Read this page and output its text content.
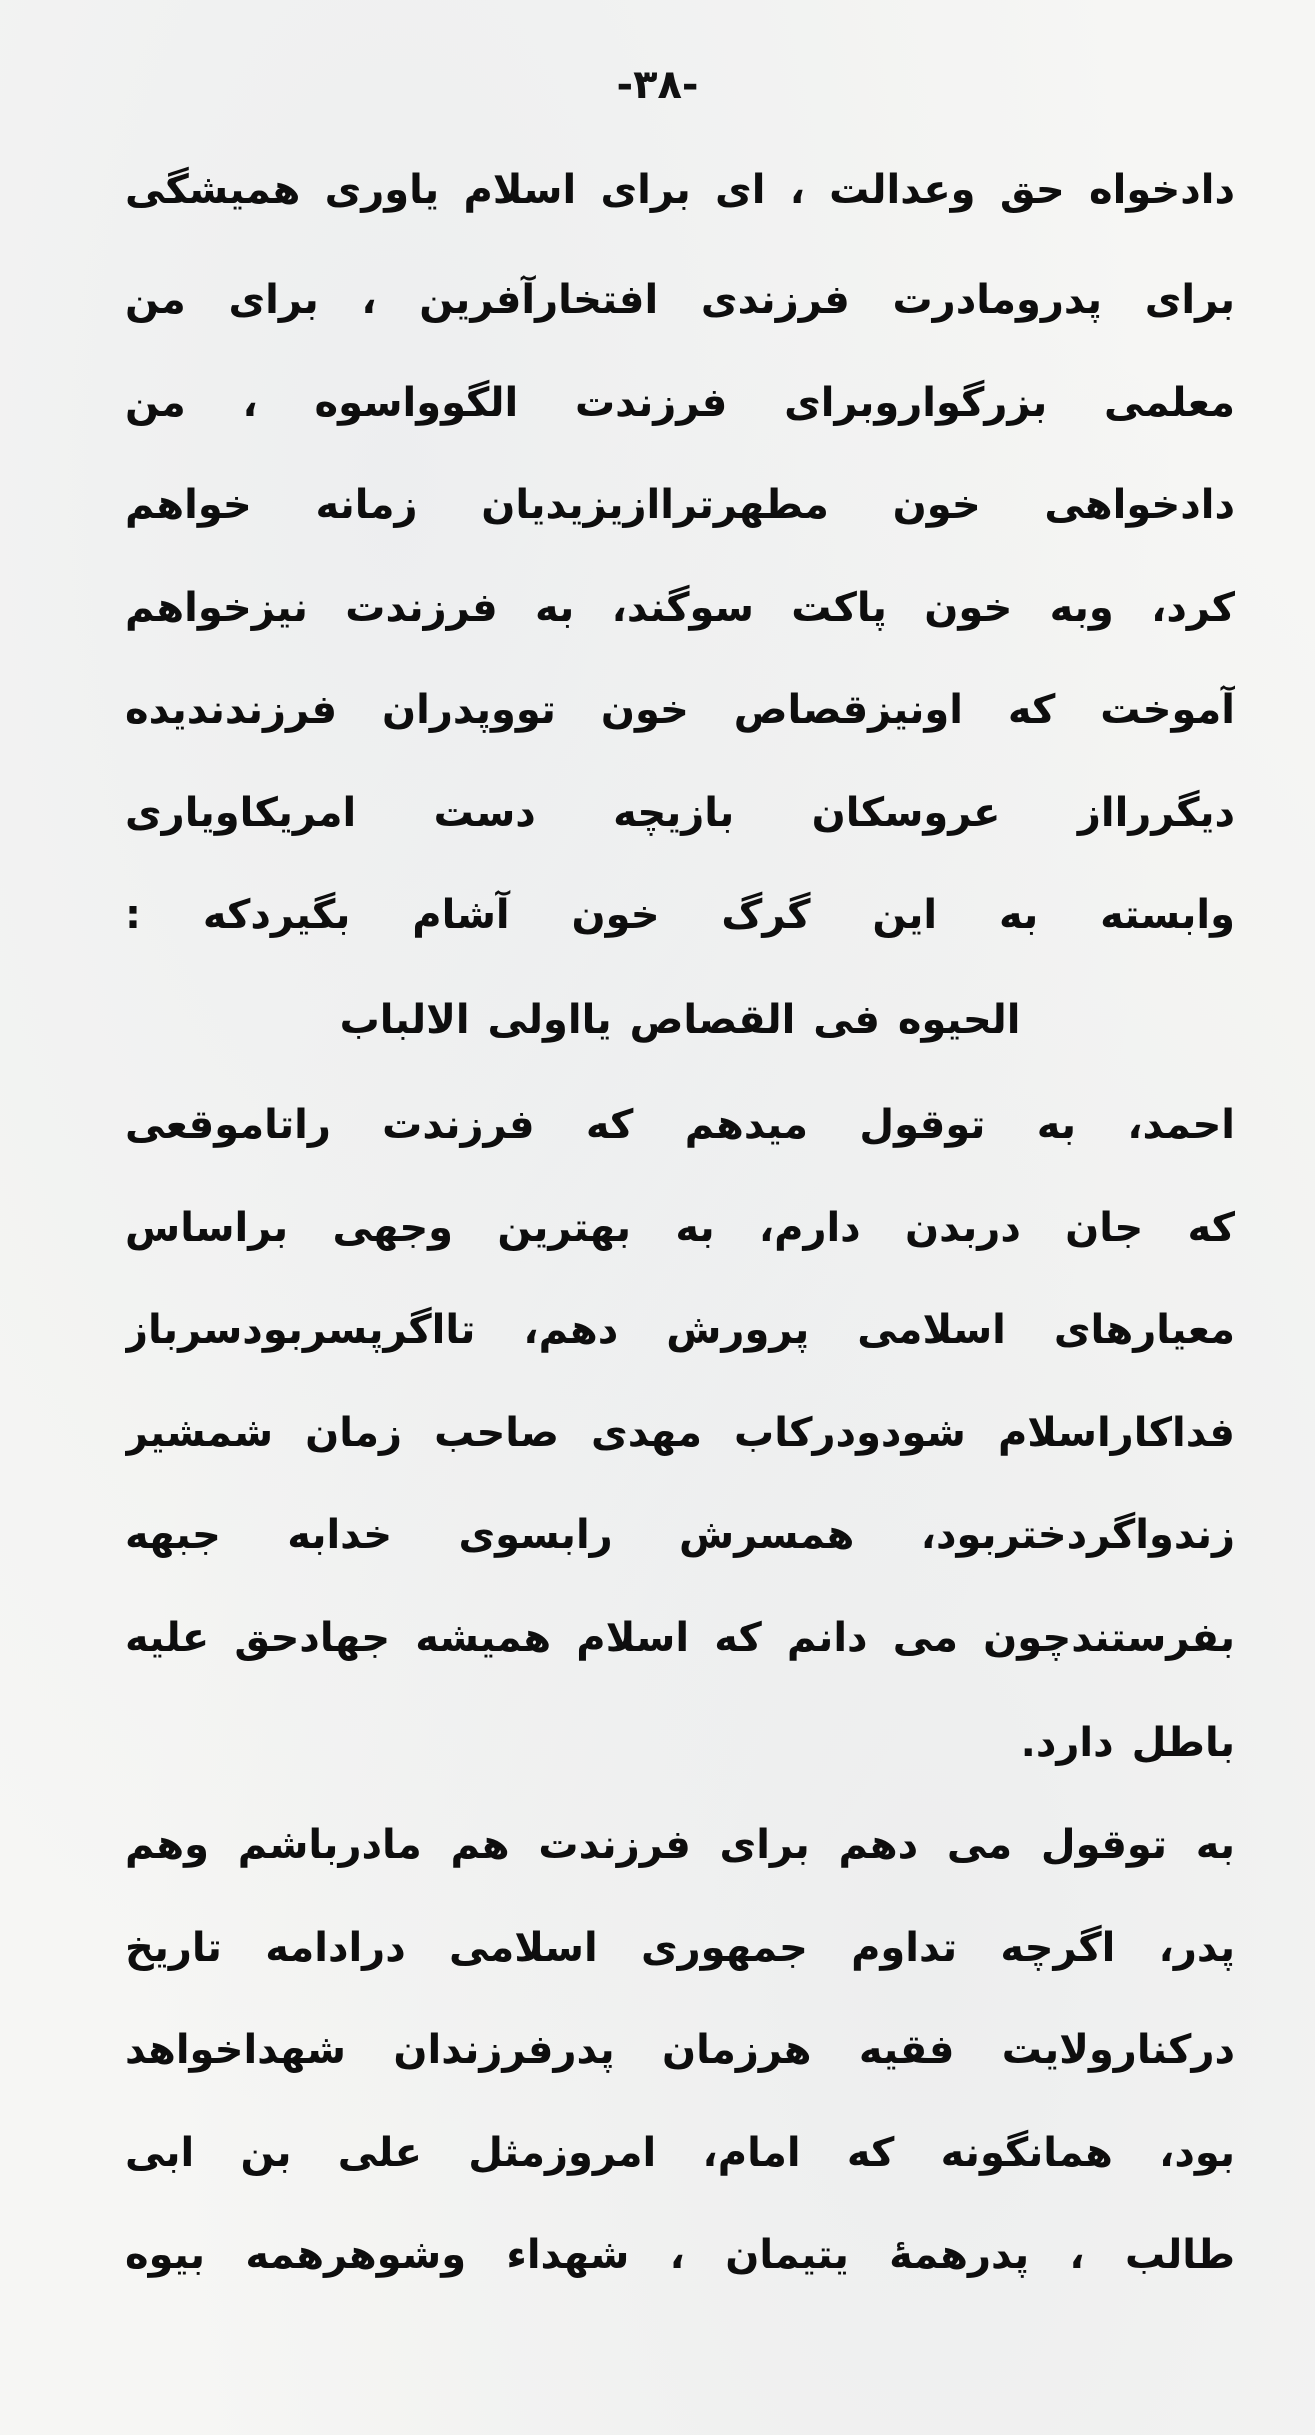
-٣٨-
دادخواه حق وعدالت ، ای برای اسلام یاوری همیشگی
برای پدرومادرت فرزندی افتخارآفرین ، برای من
معلمی بزرگواروبرای فرزندت الگوواسوه ، من
دادخواهی خون مطهرتراازیزیدیان زمانه خواهم
کرد، وبه خون پاکت سوگند، به فرزندت نیزخواهم
آموخت که اونیزقصاص خون تووپدران فرزندندیده
دیگررااز عروسکان بازیچه دست امریکاویاری
وابسته به این گرگ خون آشام بگیردکه :
الحیوه فی القصاص یااولی الالباب
احمد، به توقول میدهم که فرزندت راتاموقعی
که جان دربدن دارم، به بهترین وجهی براساس
معیارهای اسلامی پرورش دهم، تااگرپسربودسرباز
فداکاراسلام شودودرکاب مهدی صاحب زمان شمشیر
زندواگردختربود، همسرش رابسوی خدابه جبهه
بفرستندچون می دانم که اسلام همیشه جهادحق علیه
باطل دارد.
به توقول می دهم برای فرزندت هم مادرباشم وهم
پدر، اگرچه تداوم جمهوری اسلامی درادامه تاریخ
درکنارولایت فقیه هرزمان پدرفرزندان شهداخواهد
بود، همانگونه که امام، امروزمثل علی بن ابی
طالب ، پدرهمهٔ یتیمان ، شهداء وشوهرهمه بیوه
